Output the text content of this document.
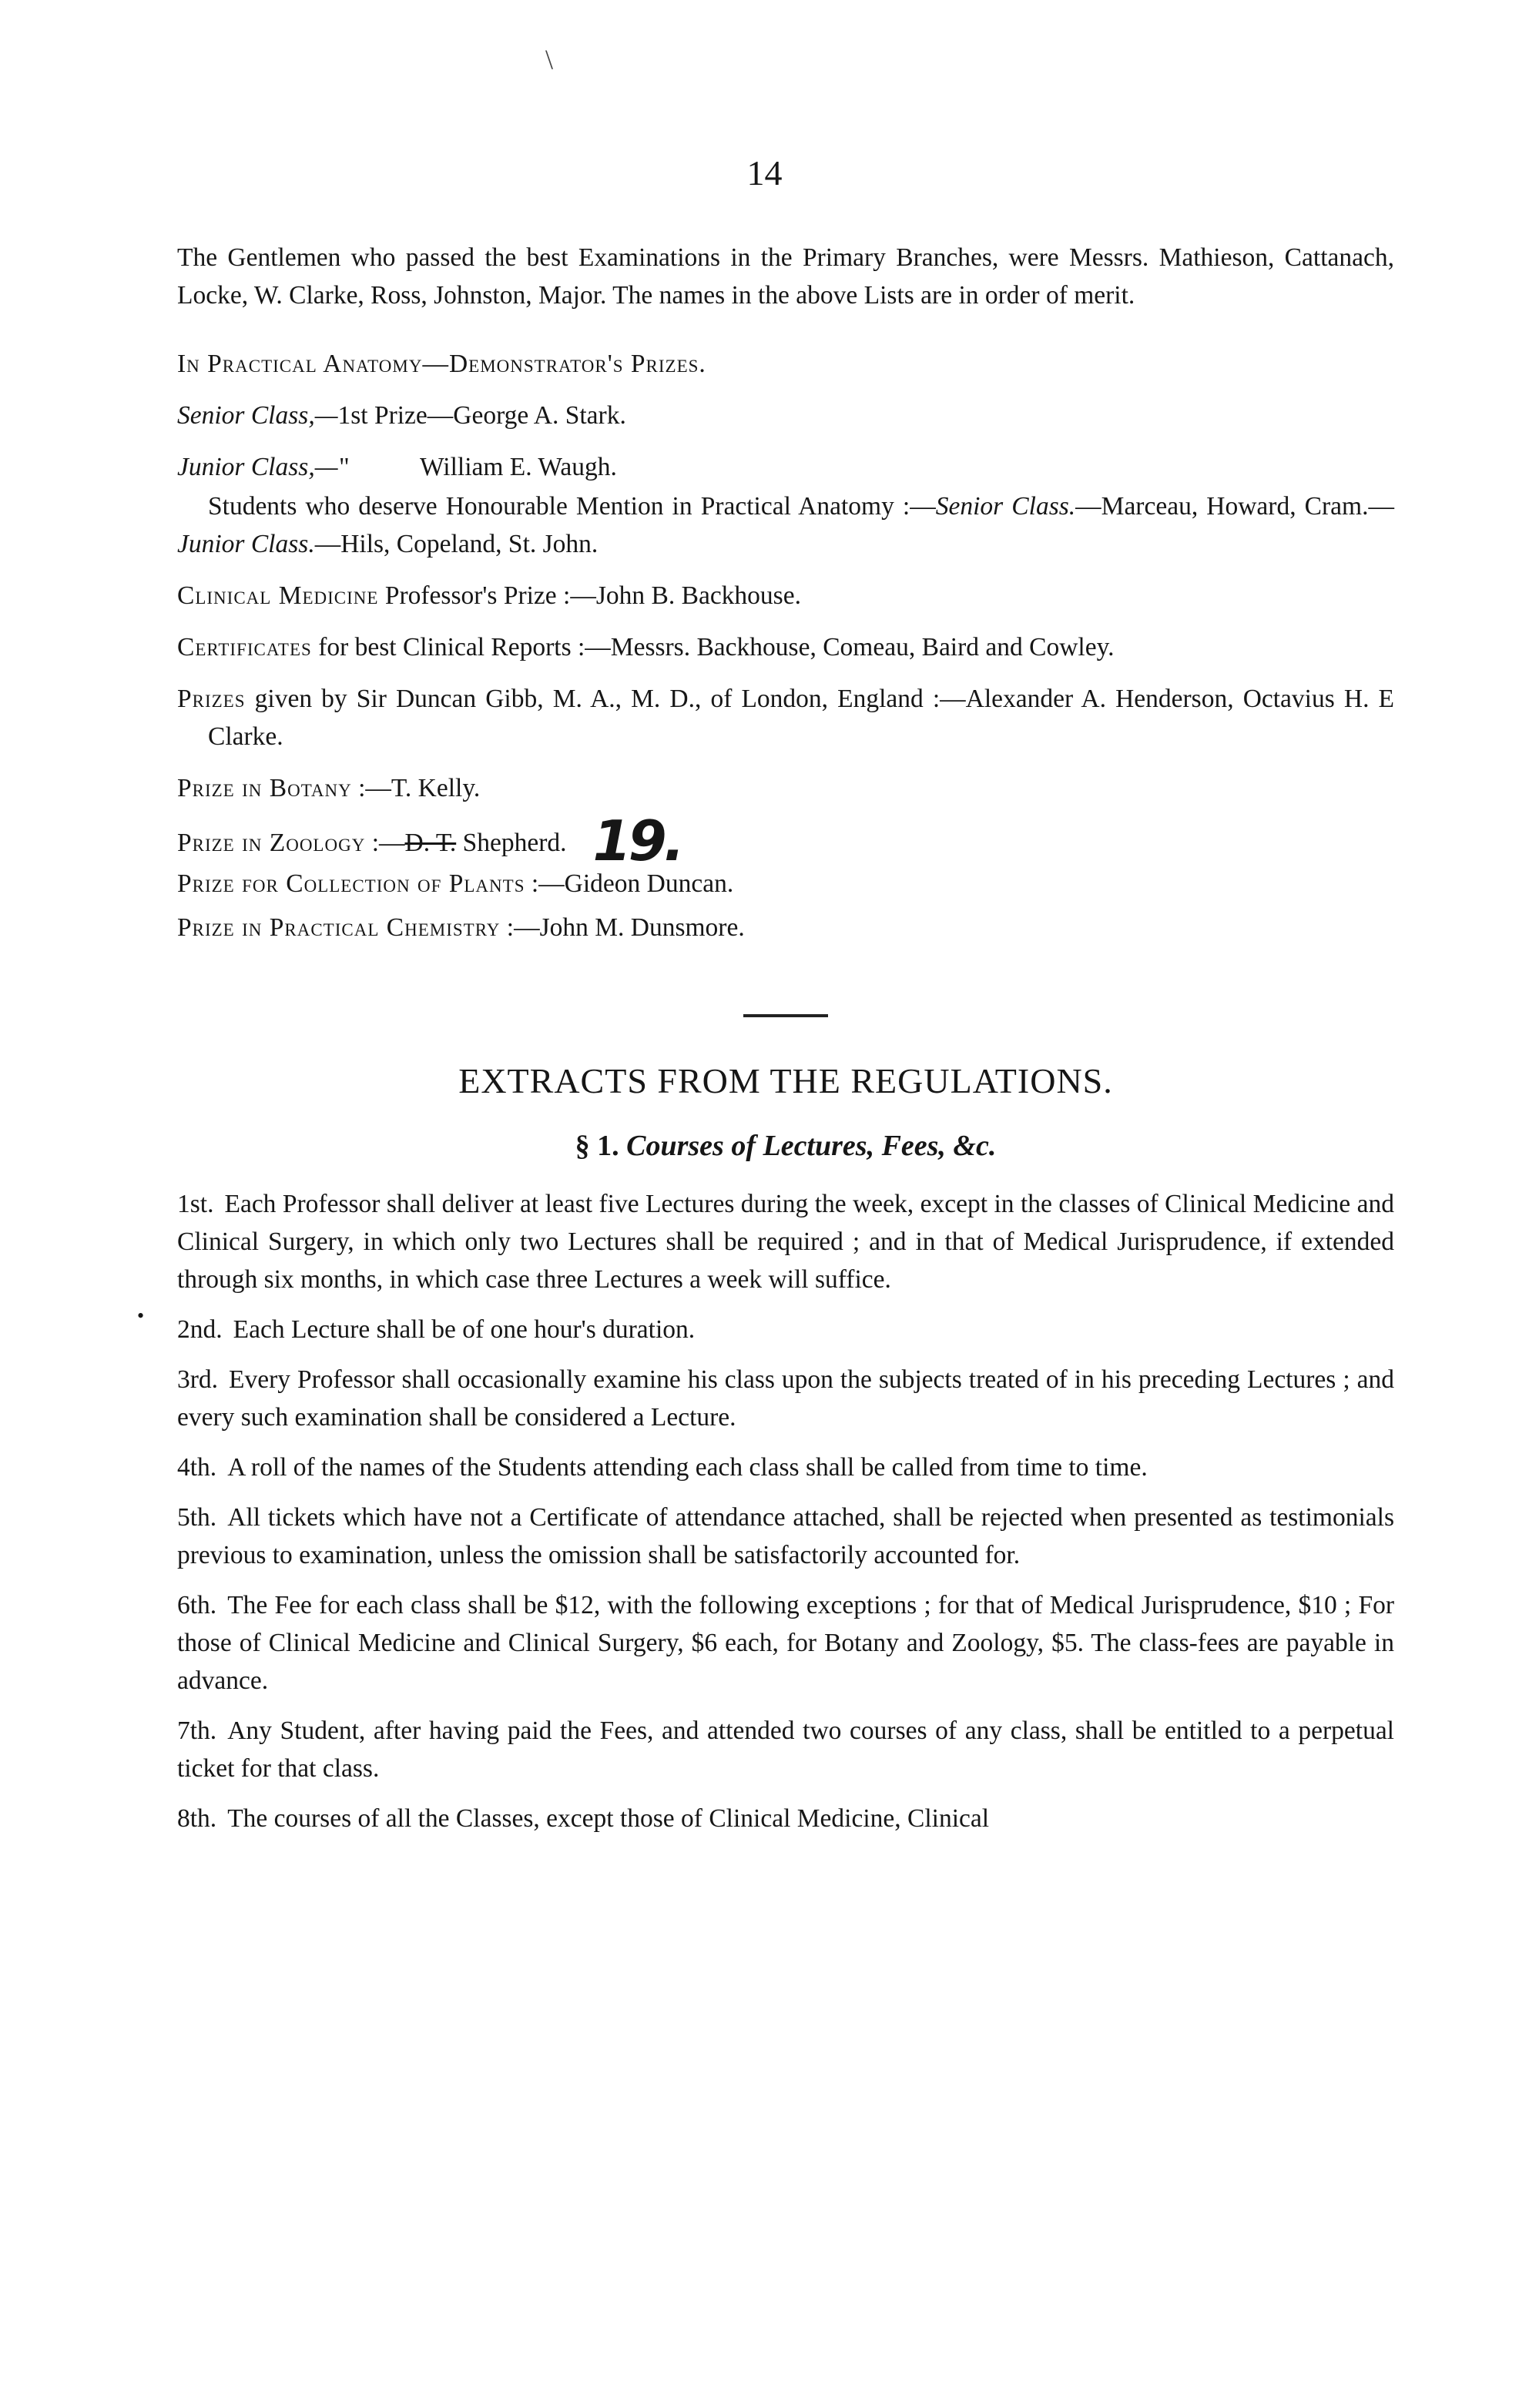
\
14
•

The Gentlemen who passed the best Examinations in the Primary Branches, were Messrs. Mathieson, Cattanach, Locke, W. Clarke, Ross, Johnston, Major. The names in the above Lists are in order of merit.

In Practical Anatomy—Demonstrator's Prizes.

Senior Class,—1st Prize—George A. Stark.

Junior Class,—"	William E. Waugh.

Students who deserve Honourable Mention in Practical Anatomy :—Senior Class.—Marceau, Howard, Cram.—Junior Class.—Hils, Copeland, St. John.

Clinical Medicine Professor's Prize :—John B. Backhouse.

Certificates for best Clinical Reports :—Messrs. Backhouse, Comeau, Baird and Cowley.

Prizes given by Sir Duncan Gibb, M. A., M. D., of London, England :—Alexander A. Henderson, Octavius H. E Clarke.

Prize in Botany :—T. Kelly.

Prize in Zoology :—D. T. Shepherd. 19.

Prize for Collection of Plants :—Gideon Duncan.

Prize in Practical Chemistry :—John M. Dunsmore.

EXTRACTS FROM THE REGULATIONS.
§ 1. Courses of Lectures, Fees, &c.

1st. Each Professor shall deliver at least five Lectures during the week, except in the classes of Clinical Medicine and Clinical Surgery, in which only two Lectures shall be required ; and in that of Medical Jurisprudence, if extended through six months, in which case three Lectures a week will suffice.

2nd. Each Lecture shall be of one hour's duration.

3rd. Every Professor shall occasionally examine his class upon the subjects treated of in his preceding Lectures ; and every such examination shall be considered a Lecture.

4th. A roll of the names of the Students attending each class shall be called from time to time.

5th. All tickets which have not a Certificate of attendance attached, shall be rejected when presented as testimonials previous to examination, unless the omission shall be satisfactorily accounted for.

6th. The Fee for each class shall be $12, with the following exceptions ; for that of Medical Jurisprudence, $10 ; For those of Clinical Medicine and Clinical Surgery, $6 each, for Botany and Zoology, $5. The class-fees are payable in advance.

7th. Any Student, after having paid the Fees, and attended two courses of any class, shall be entitled to a perpetual ticket for that class.

8th. The courses of all the Classes, except those of Clinical Medicine, Clinical
